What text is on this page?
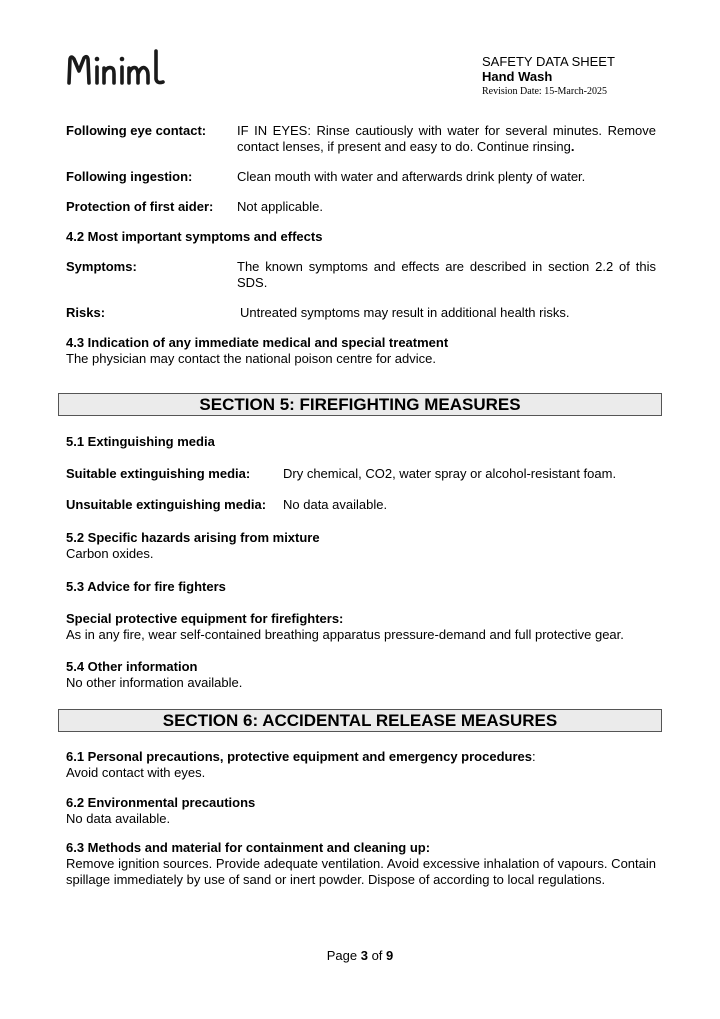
SAFETY DATA SHEET
Hand Wash
Revision Date: 15-March-2025
Following eye contact:	IF IN EYES: Rinse cautiously with water for several minutes. Remove contact lenses, if present and easy to do. Continue rinsing.
Following ingestion:	Clean mouth with water and afterwards drink plenty of water.
Protection of first aider:	Not applicable.
4.2 Most important symptoms and effects
Symptoms:	The known symptoms and effects are described in section 2.2 of this SDS.
Risks:	Untreated symptoms may result in additional health risks.
4.3 Indication of any immediate medical and special treatment
The physician may contact the national poison centre for advice.
SECTION 5: FIREFIGHTING MEASURES
5.1 Extinguishing media
Suitable extinguishing media:	Dry chemical, CO2, water spray or alcohol-resistant foam.
Unsuitable extinguishing media:	No data available.
5.2 Specific hazards arising from mixture
Carbon oxides.
5.3 Advice for fire fighters
Special protective equipment for firefighters:
As in any fire, wear self-contained breathing apparatus pressure-demand and full protective gear.
5.4 Other information
No other information available.
SECTION 6: ACCIDENTAL RELEASE MEASURES
6.1 Personal precautions, protective equipment and emergency procedures:
Avoid contact with eyes.
6.2 Environmental precautions
No data available.
6.3 Methods and material for containment and cleaning up:
Remove ignition sources. Provide adequate ventilation. Avoid excessive inhalation of vapours. Contain spillage immediately by use of sand or inert powder. Dispose of according to local regulations.
Page 3 of 9
